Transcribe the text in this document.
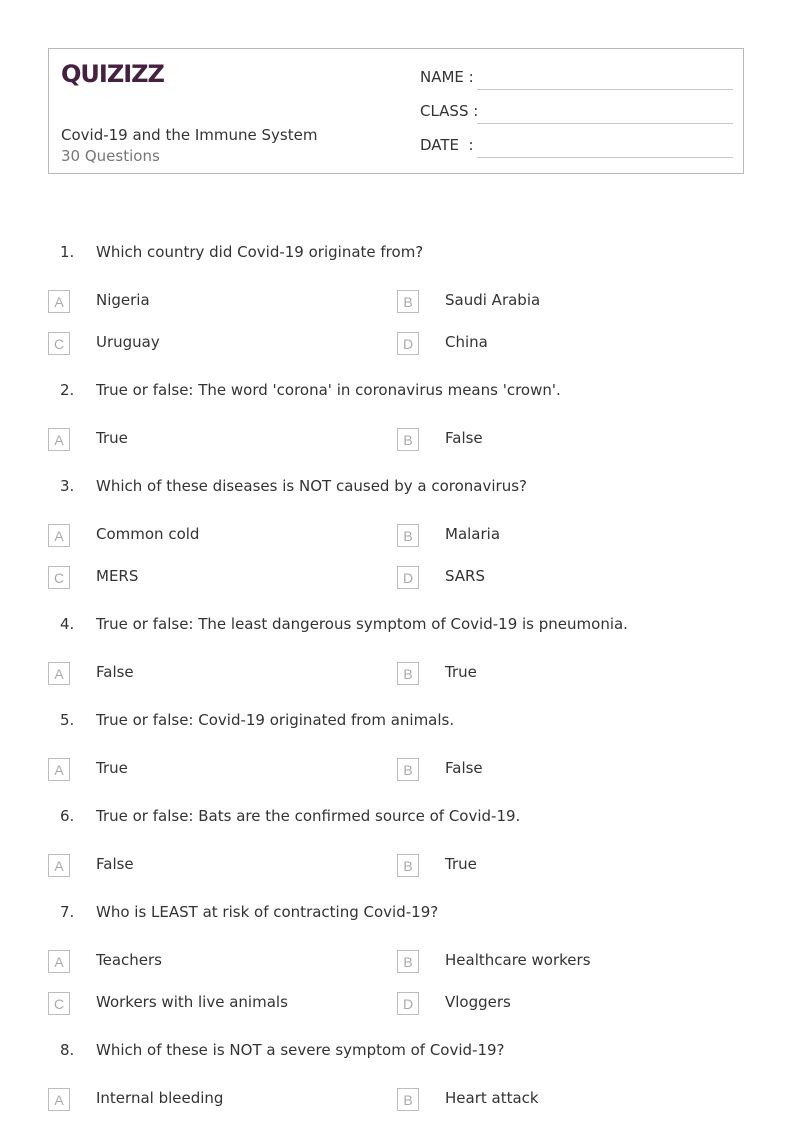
QUIZIZZ
Covid-19 and the Immune System
30 Questions
NAME :
CLASS :
DATE  :
1. Which country did Covid-19 originate from?
A	Nigeria	B	Saudi Arabia
C	Uruguay	D	China
2. True or false: The word 'corona' in coronavirus means 'crown'.
A	True	B	False
3. Which of these diseases is NOT caused by a coronavirus?
A	Common cold	B	Malaria
C	MERS	D	SARS
4. True or false: The least dangerous symptom of Covid-19 is pneumonia.
A	False	B	True
5. True or false: Covid-19 originated from animals.
A	True	B	False
6. True or false: Bats are the confirmed source of Covid-19.
A	False	B	True
7. Who is LEAST at risk of contracting Covid-19?
A	Teachers	B	Healthcare workers
C	Workers with live animals	D	Vloggers
8. Which of these is NOT a severe symptom of Covid-19?
A	Internal bleeding	B	Heart attack
